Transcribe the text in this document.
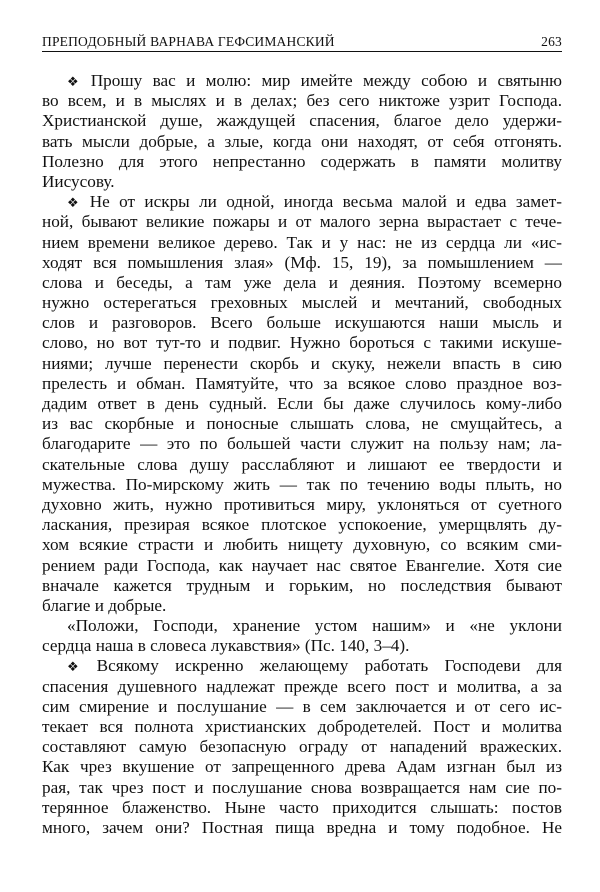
ПРЕПОДОБНЫЙ ВАРНАВА ГЕФСИМАНСКИЙ	263
❖ Прошу вас и молю: мир имейте между собою и святыню
во всем, и в мыслях и в делах; без сего никтоже узрит Господа.
Христианской душе, жаждущей спасения, благое дело удержи-
вать мысли добрые, а злые, когда они находят, от себя отгонять.
Полезно для этого непрестанно содержать в памяти молитву
Иисусову.
❖ Не от искры ли одной, иногда весьма малой и едва замет-
ной, бывают великие пожары и от малого зерна вырастает с тече-
нием времени великое дерево. Так и у нас: не из сердца ли «ис-
ходят вся помышления злая» (Мф. 15, 19), за помышлением —
слова и беседы, а там уже дела и деяния. Поэтому всемерно
нужно остерегаться греховных мыслей и мечтаний, свободных
слов и разговоров. Всего больше искушаются наши мысль и
слово, но вот тут-то и подвиг. Нужно бороться с такими искуше-
ниями; лучше перенести скорбь и скуку, нежели впасть в сию
прелесть и обман. Памятуйте, что за всякое слово праздное воз-
дадим ответ в день судный. Если бы даже случилось кому-либо
из вас скорбные и поносные слышать слова, не смущайтесь, а
благодарите — это по большей части служит на пользу нам; ла-
скательные слова душу расслабляют и лишают ее твердости и
мужества. По-мирскому жить — так по течению воды плыть, но
духовно жить, нужно противиться миру, уклоняться от суетного
ласкания, презирая всякое плотское успокоение, умерщвлять ду-
хом всякие страсти и любить нищету духовную, со всяким сми-
рением ради Господа, как научает нас святое Евангелие. Хотя сие
вначале кажется трудным и горьким, но последствия бывают
благие и добрые.
«Положи, Господи, хранение устом нашим» и «не уклони
сердца наша в словеса лукавствия» (Пс. 140, 3–4).
❖ Всякому искренно желающему работать Господеви для
спасения душевного надлежат прежде всего пост и молитва, а за
сим смирение и послушание — в сем заключается и от сего ис-
текает вся полнота христианских добродетелей. Пост и молитва
составляют самую безопасную ограду от нападений вражеских.
Как чрез вкушение от запрещенного древа Адам изгнан был из
рая, так чрез пост и послушание снова возвращается нам сие по-
терянное блаженство. Ныне часто приходится слышать: постов
много, зачем они? Постная пища вредна и тому подобное. Не
